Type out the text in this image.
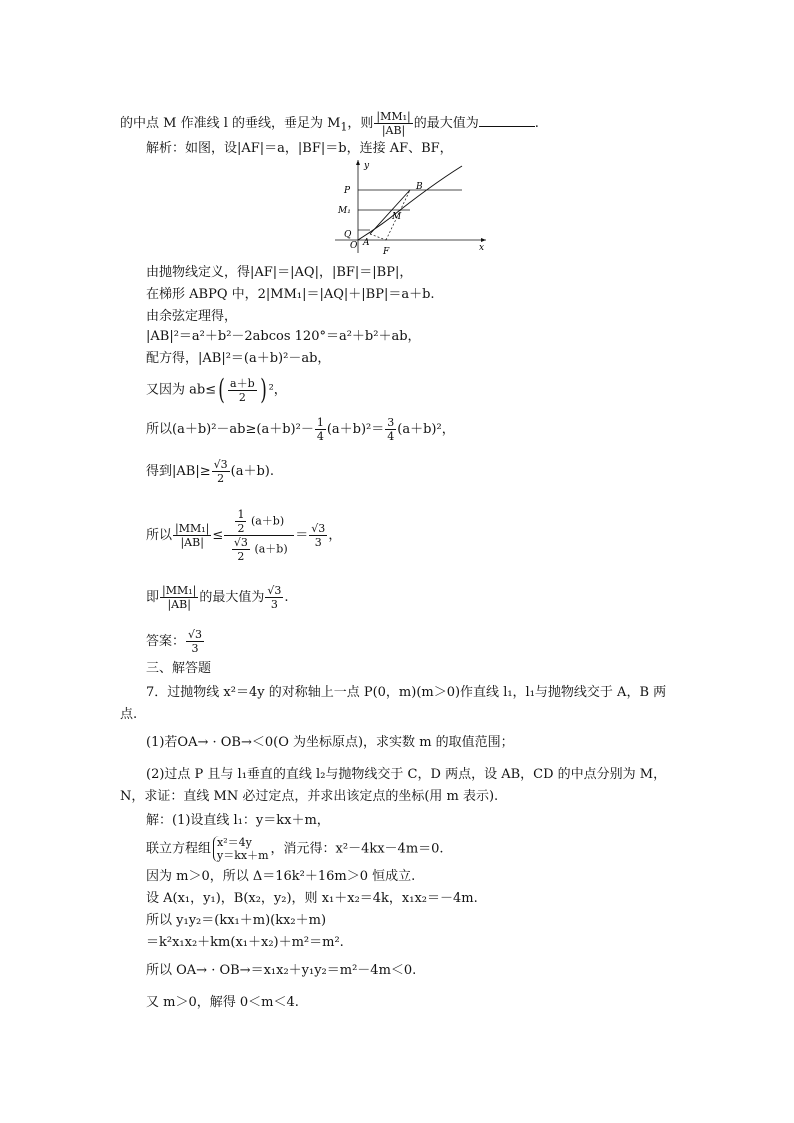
的中点 M 作准线 l 的垂线，垂足为 $M_1$，则 $\frac{\text{|MM₁|}}{|AB|}$ 的最大值为	.
解析：如图，设|AF|＝a，|BF|＝b，连接 AF、BF，
y
P	B
M₁
M
Q
O A
F	x
由抛物线定义，得|AF|＝|AQ|，|BF|＝|BP|，
在梯形 ABPQ 中，2|MM₁|＝|AQ|＋|BP|＝a＋b.
由余弦定理得，
|AB|²＝a²＋b²－2abcos 120°＝a²＋b²＋ab，
配方得，|AB|²＝(a＋b)²－ab，
又因为 $ab\le( \frac{a+b}{2}$ ) ²，
所以$(a+b)^2-ab\ge(a+b)^2- \frac{1}{4} (a+b)^2= \frac{3}{4} (a+b)^2$，
得到$|AB|\ge \frac{√3}{2} (a+b)$.
所以 $\frac{\text{|MM₁|}}{|AB|} \le \frac{\frac{1}{2} (a+b)}{\frac{√3}{2} (a+b)} = \frac{√3}{3}$ ，
即 $\frac{\text{|MM₁|}}{|AB|}$ 的最大值为 $\frac{√3}{3}$ .
答案： $\frac{√3}{3}$
三、解答题
7．过抛物线 x²＝4y 的对称轴上一点 P(0，m)(m＞0)作直线 l₁，l₁与抛物线交于 A，B 两
点.
(1)若OA→ · OB→＜0(O 为坐标原点)，求实数 m 的取值范围；
(2)过点 P 且与 l₁垂直的直线 l₂与抛物线交于 C，D 两点，设 AB，CD 的中点分别为 M，
N，求证：直线 MN 必过定点，并求出该定点的坐标(用 m 表示).
解：(1)设直线 l₁：y＝kx＋m，
联立方程组 x²＝4y
y＝kx＋m ，消元得：x²－4kx－4m＝0.
因为 m＞0，所以 Δ＝16k²＋16m＞0 恒成立.
设 A(x₁，y₁)，B(x₂，y₂)，则 x₁＋x₂＝4k，x₁x₂＝－4m.
所以 y₁y₂＝(kx₁＋m)(kx₂＋m)
＝k²x₁x₂＋km(x₁＋x₂)＋m²＝m².
所以 OA→ · OB→＝x₁x₂＋y₁y₂＝m²－4m＜0.
又 m＞0，解得 0＜m＜4.
